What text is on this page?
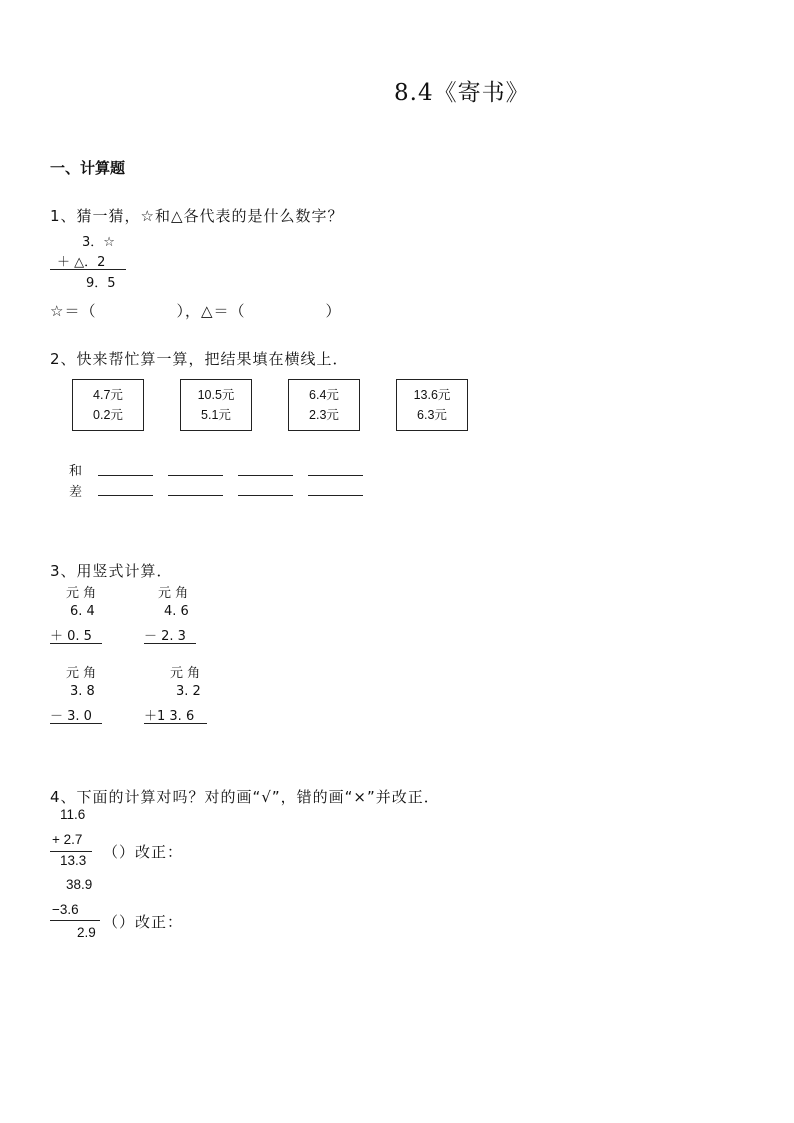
8.4《寄书》
一、计算题
1、猜一猜，☆和△各代表的是什么数字？
3．☆
＋ △．2
9．5
☆＝（　　　　　），△＝（　　　　　）
2、快来帮忙算一算，把结果填在横线上．
4.7元
0.2元
10.5元
5.1元
6.4元
2.3元
13.6元
6.3元
和
差
3、用竖式计算．
元 角
6. 4
＋ 0. 5
元 角
4. 6
－ 2. 3
元 角
3. 8
－ 3. 0
元 角
3. 2
＋1 3. 6
4、下面的计算对吗？对的画“√”，错的画“×”并改正．
11.6
+ 2.7
13.3 （）改正：
38.9
−3.6
2.9
（）改正：
